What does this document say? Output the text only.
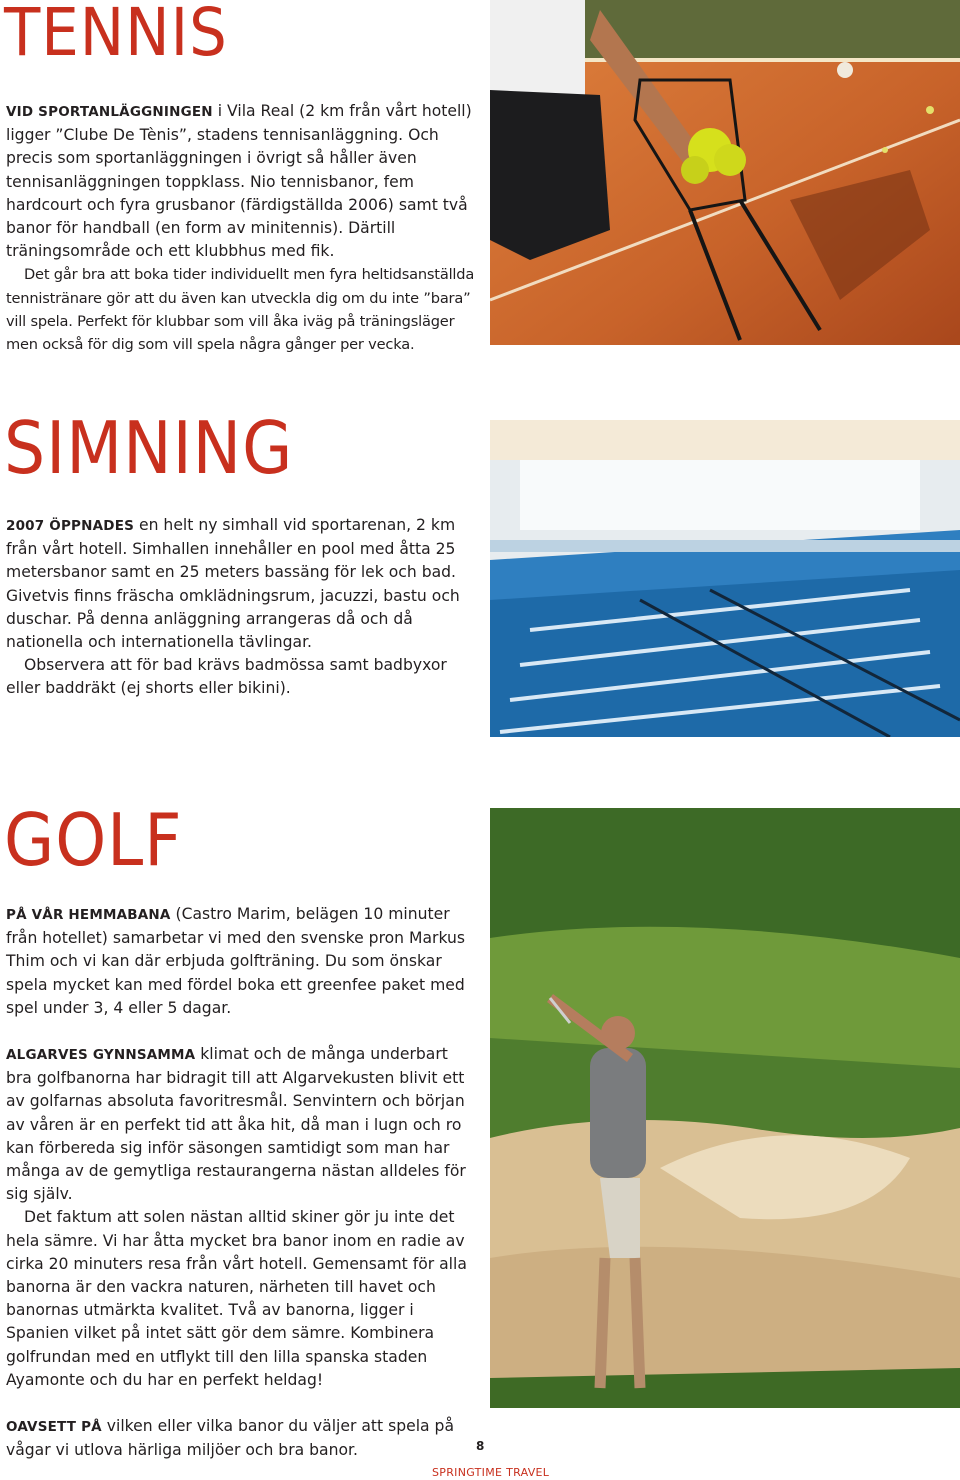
TENNIS

VID SPORTANLÄGGNINGEN i Vila Real (2 km från vårt hotell) ligger ”Clube De Tènis”, stadens tennisanläggning. Och precis som sportanläggningen i övrigt så håller även tennisanläggningen toppklass. Nio tennisbanor, fem hardcourt och fyra grusbanor (färdigställda 2006) samt två banor för handball (en form av minitennis). Därtill träningsområde och ett klubbhus med fik.

Det går bra att boka tider individuellt men fyra heltidsanställda tennistränare gör att du även kan utveckla dig om du inte ”bara” vill spela. Perfekt för klubbar som vill åka iväg på träningsläger men också för dig som vill spela några gånger per vecka.

SIMNING

2007 ÖPPNADES en helt ny simhall vid sportarenan, 2 km från vårt hotell. Simhallen innehåller en pool med åtta 25 metersbanor samt en 25 meters bassäng för lek och bad. Givetvis finns fräscha omklädningsrum, jacuzzi, bastu och duschar. På denna anläggning arrangeras då och då nationella och internationella tävlingar.

Observera att för bad krävs badmössa samt badbyxor eller baddräkt (ej shorts eller bikini).

GOLF

PÅ VÅR HEMMABANA (Castro Marim, belägen 10 minuter från hotellet) samarbetar vi med den svenske pron Markus Thim och vi kan där erbjuda golfträning. Du som önskar spela mycket kan med fördel boka ett greenfee paket med spel under 3, 4 eller 5 dagar.

ALGARVES GYNNSAMMA klimat och de många underbart bra golfbanorna har bidragit till att Algarvekusten blivit ett av golfarnas absoluta favoritresmål. Senvintern och början av våren är en perfekt tid att åka hit, då man i lugn och ro kan förbereda sig inför säsongen samtidigt som man har många av de gemytliga restaurangerna nästan alldeles för sig själv.

Det faktum att solen nästan alltid skiner gör ju inte det hela sämre. Vi har åtta mycket bra banor inom en radie av cirka 20 minuters resa från vårt hotell. Gemensamt för alla banorna är den vackra naturen, närheten till havet och banornas utmärkta kvalitet. Två av banorna, ligger i Spanien vilket på intet sätt gör dem sämre. Kombinera golfrundan med en utflykt till den lilla spanska staden Ayamonte och du har en perfekt heldag!

OAVSETT PÅ vilken eller vilka banor du väljer att spela på vågar vi utlova härliga miljöer och bra banor.	8

SPRINGTIME TRAVEL
